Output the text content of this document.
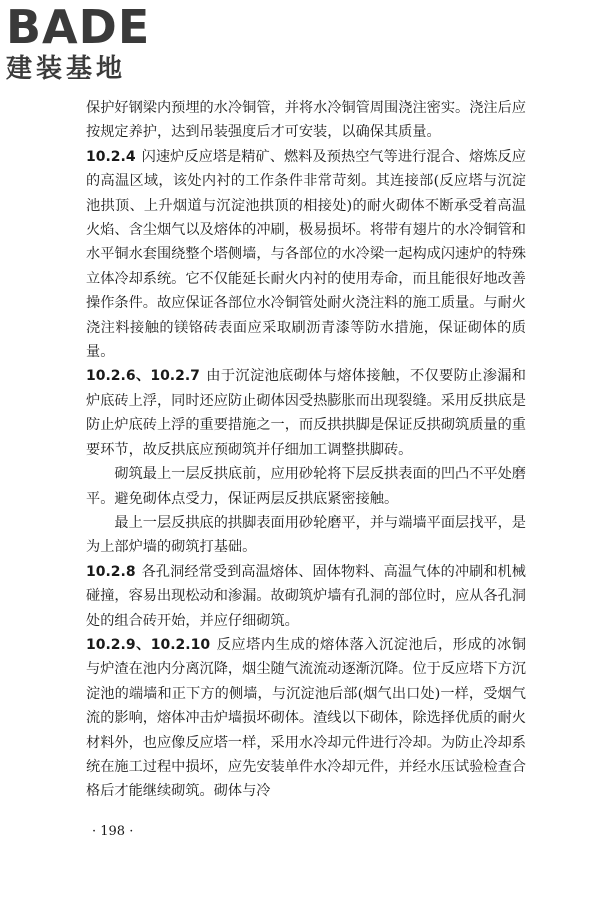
BADE
建装基地

保护好钢梁内预埋的水冷铜管，并将水冷铜管周围浇注密实。浇注后应按规定养护，达到吊装强度后才可安装，以确保其质量。

10.2.4 闪速炉反应塔是精矿、燃料及预热空气等进行混合、熔炼反应的高温区域，该处内衬的工作条件非常苛刻。其连接部(反应塔与沉淀池拱顶、上升烟道与沉淀池拱顶的相接处)的耐火砌体不断承受着高温火焰、含尘烟气以及熔体的冲刷，极易损坏。将带有翅片的水冷铜管和水平铜水套围绕整个塔侧墙，与各部位的水冷梁一起构成闪速炉的特殊立体冷却系统。它不仅能延长耐火内衬的使用寿命，而且能很好地改善操作条件。故应保证各部位水冷铜管处耐火浇注料的施工质量。与耐火浇注料接触的镁铬砖表面应采取刷沥青漆等防水措施，保证砌体的质量。

10.2.6、10.2.7 由于沉淀池底砌体与熔体接触，不仅要防止渗漏和炉底砖上浮，同时还应防止砌体因受热膨胀而出现裂缝。采用反拱底是防止炉底砖上浮的重要措施之一，而反拱拱脚是保证反拱砌筑质量的重要环节，故反拱底应预砌筑并仔细加工调整拱脚砖。

砌筑最上一层反拱底前，应用砂轮将下层反拱表面的凹凸不平处磨平。避免砌体点受力，保证两层反拱底紧密接触。

最上一层反拱底的拱脚表面用砂轮磨平，并与端墙平面层找平，是为上部炉墙的砌筑打基础。

10.2.8 各孔洞经常受到高温熔体、固体物料、高温气体的冲刷和机械碰撞，容易出现松动和渗漏。故砌筑炉墙有孔洞的部位时，应从各孔洞处的组合砖开始，并应仔细砌筑。

10.2.9、10.2.10 反应塔内生成的熔体落入沉淀池后，形成的冰铜与炉渣在池内分离沉降，烟尘随气流流动逐渐沉降。位于反应塔下方沉淀池的端墙和正下方的侧墙，与沉淀池后部(烟气出口处)一样，受烟气流的影响，熔体冲击炉墙损坏砌体。渣线以下砌体，除选择优质的耐火材料外，也应像反应塔一样，采用水冷却元件进行冷却。为防止冷却系统在施工过程中损坏，应先安装单件水冷却元件，并经水压试验检查合格后才能继续砌筑。砌体与冷

· 198 ·
